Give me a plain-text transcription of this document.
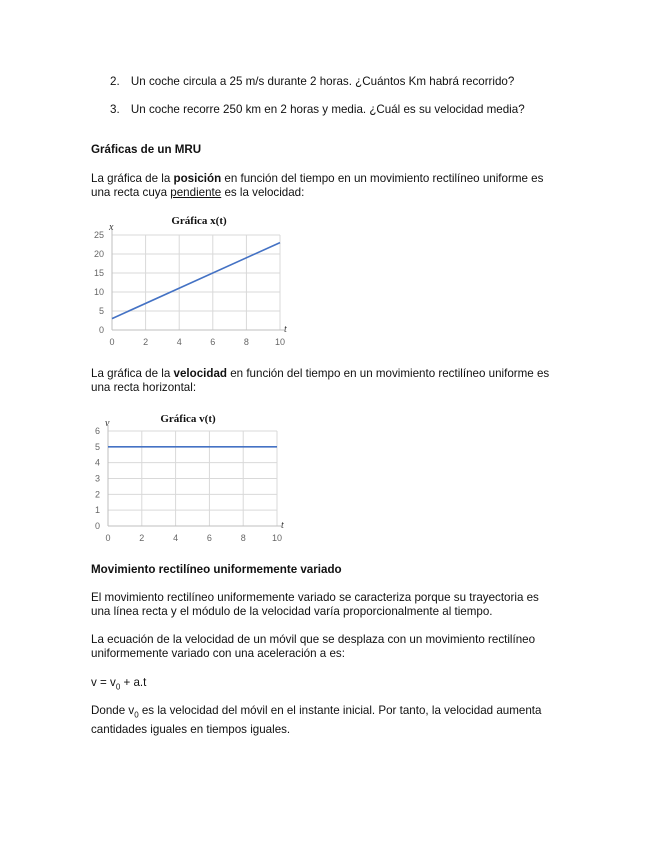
2. Un coche circula a 25 m/s durante 2 horas. ¿Cuántos Km habrá recorrido?
3. Un coche recorre 250 km en 2 horas y media. ¿Cuál es su velocidad media?
Gráficas de un MRU
La gráfica de la posición en función del tiempo en un movimiento rectilíneo uniforme es
una recta cuya pendiente es la velocidad:
Gráfica x(t)
0
5
10
15
20
25
0	2	4	6	8	10
x
t
La gráfica de la velocidad en función del tiempo en un movimiento rectilíneo uniforme es
una recta horizontal:
Gráfica v(t)
0
1
2
3
4
5
6
0	2	4	6	8	10
v
t
Movimiento rectilíneo uniformemente variado
El movimiento rectilíneo uniformemente variado se caracteriza porque su trayectoria es
una línea recta y el módulo de la velocidad varía proporcionalmente al tiempo.
La ecuación de la velocidad de un móvil que se desplaza con un movimiento rectilíneo
uniformemente variado con una aceleración a es:
$v = v_0 + a.t$
Donde $v_0$ es la velocidad del móvil en el instante inicial. Por tanto, la velocidad aumenta
cantidades iguales en tiempos iguales.
